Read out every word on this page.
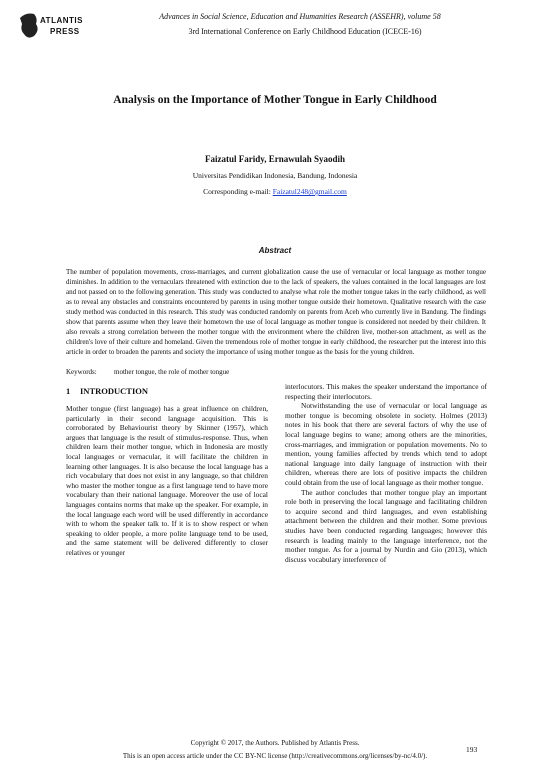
ATLANTIS
PRESS
Advances in Social Science, Education and Humanities Research (ASSEHR), volume 58
3rd International Conference on Early Childhood Education (ICECE-16)
Analysis on the Importance of Mother Tongue in Early Childhood
Faizatul Faridy, Ernawulah Syaodih
Universitas Pendidikan Indonesia, Bandung, Indonesia
Corresponding e-mail: Faizatul248@gmail.com
Abstract

The number of population movements, cross-marriages, and current globalization cause the use of vernacular or local language as mother tongue diminishes. In addition to the vernaculars threatened with extinction due to the lack of speakers, the values contained in the local languages are lost and not passed on to the following generation. This study was conducted to analyse what role the mother tongue takes in the early childhood, as well as to reveal any obstacles and constraints encountered by parents in using mother tongue outside their hometown. Qualitative research with the case study method was conducted in this research. This study was conducted randomly on parents from Aceh who currently live in Bandung. The findings show that parents assume when they leave their hometown the use of local language as mother tongue is considered not needed by their children. It also reveals a strong correlation between the mother tongue with the environment where the children live, mother-son attachment, as well as the children's love of their culture and homeland. Given the tremendous role of mother tongue in early childhood, the researcher put the interest into this article in order to broaden the parents and society the importance of using mother tongue as the basis for the young children.

Keywords: mother tongue, the role of mother tongue
1 INTRODUCTION

Mother tongue (first language) has a great influence on children, particularly in their second language acquisition. This is corroborated by Behaviourist theory by Skinner (1957), which argues that language is the result of stimulus-response. Thus, when children learn their mother tongue, which in Indonesia are mostly local languages or vernacular, it will facilitate the children in learning other languages. It is also because the local language has a rich vocabulary that does not exist in any language, so that children who master the mother tongue as a first language tend to have more vocabulary than their national language. Moreover the use of local languages contains norms that make up the speaker. For example, in the local language each word will be used differently in accordance with to whom the speaker talk to. If it is to show respect or when speaking to older people, a more polite language tend to be used, and the same statement will be delivered differently to closer relatives or younger

interlocutors. This makes the speaker understand the importance of respecting their interlocutors.

Notwithstanding the use of vernacular or local language as mother tongue is becoming obsolete in society. Holmes (2013) notes in his book that there are several factors of why the use of local language begins to wane; among others are the minorities, cross-marriages, and immigration or population movements. No to mention, young families affected by trends which tend to adopt national language into daily language of instruction with their children, whereas there are lots of positive impacts the children could obtain from the use of local language as their mother tongue.

The author concludes that mother tongue play an important role both in preserving the local language and facilitating children to acquire second and third languages, and even establishing attachment between the children and their mother. Some previous studies have been conducted regarding languages; however this research is leading mainly to the language interference, not the mother tongue. As for a journal by Nurdin and Gio (2013), which discuss vocabulary interference of

Copyright © 2017, the Authors. Published by Atlantis Press.
193
This is an open access article under the CC BY-NC license (http://creativecommons.org/licenses/by-nc/4.0/).
